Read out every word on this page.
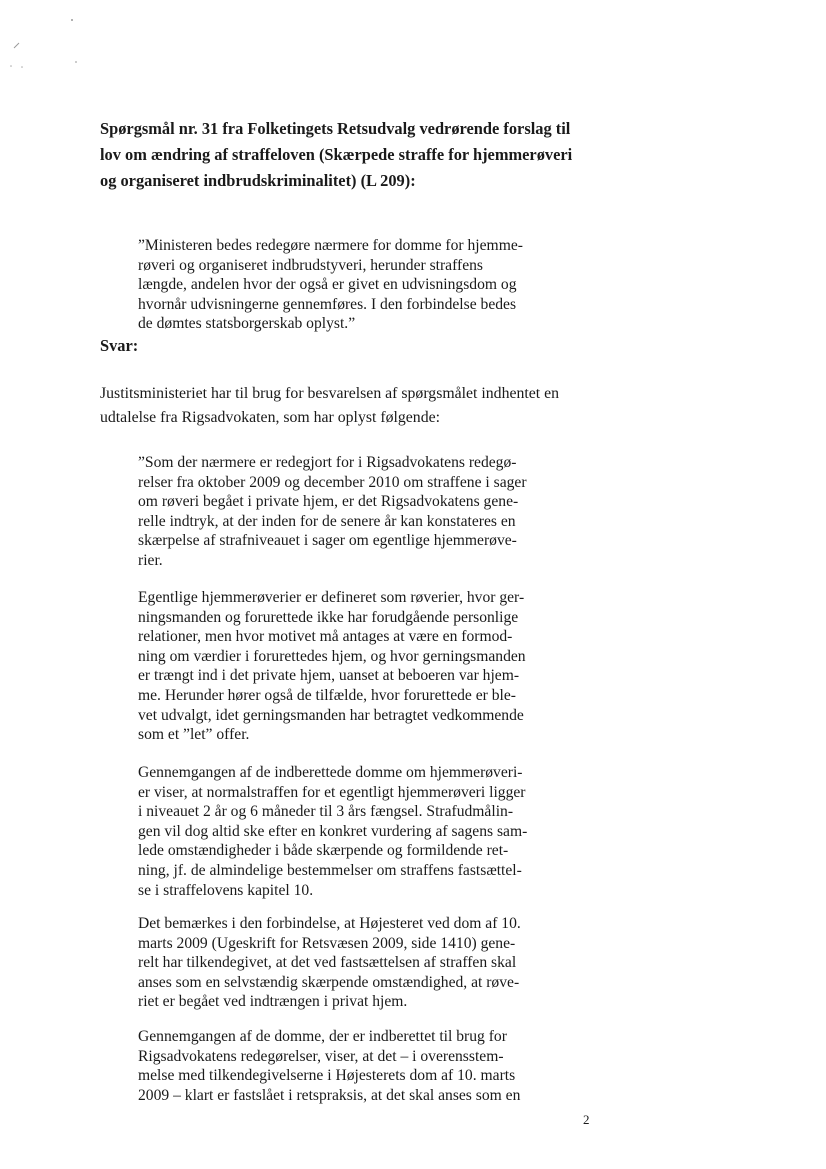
Spørgsmål nr. 31 fra Folketingets Retsudvalg vedrørende forslag til
lov om ændring af straffeloven (Skærpede straffe for hjemmerøveri
og organiseret indbrudskriminalitet) (L 209):
”Ministeren bedes redegøre nærmere for domme for hjemme-
røveri og organiseret indbrudstyveri, herunder straffens
længde, andelen hvor der også er givet en udvisningsdom og
hvornår udvisningerne gennemføres. I den forbindelse bedes
de dømtes statsborgerskab oplyst.”
Svar:
Justitsministeriet har til brug for besvarelsen af spørgsmålet indhentet en
udtalelse fra Rigsadvokaten, som har oplyst følgende:
”Som der nærmere er redegjort for i Rigsadvokatens redegø-
relser fra oktober 2009 og december 2010 om straffene i sager
om røveri begået i private hjem, er det Rigsadvokatens gene-
relle indtryk, at der inden for de senere år kan konstateres en
skærpelse af strafniveauet i sager om egentlige hjemmerøve-
rier.
Egentlige hjemmerøverier er defineret som røverier, hvor ger-
ningsmanden og forurettede ikke har forudgående personlige
relationer, men hvor motivet må antages at være en formod-
ning om værdier i forurettedes hjem, og hvor gerningsmanden
er trængt ind i det private hjem, uanset at beboeren var hjem-
me. Herunder hører også de tilfælde, hvor forurettede er ble-
vet udvalgt, idet gerningsmanden har betragtet vedkommende
som et ”let” offer.
Gennemgangen af de indberettede domme om hjemmerøveri-
er viser, at normalstraffen for et egentligt hjemmerøveri ligger
i niveauet 2 år og 6 måneder til 3 års fængsel. Strafudmålin-
gen vil dog altid ske efter en konkret vurdering af sagens sam-
lede omstændigheder i både skærpende og formildende ret-
ning, jf. de almindelige bestemmelser om straffens fastsættel-
se i straffelovens kapitel 10.
Det bemærkes i den forbindelse, at Højesteret ved dom af 10.
marts 2009 (Ugeskrift for Retsvæsen 2009, side 1410) gene-
relt har tilkendegivet, at det ved fastsættelsen af straffen skal
anses som en selvstændig skærpende omstændighed, at røve-
riet er begået ved indtrængen i privat hjem.
Gennemgangen af de domme, der er indberettet til brug for
Rigsadvokatens redegørelser, viser, at det – i overensstem-
melse med tilkendegivelserne i Højesterets dom af 10. marts
2009 – klart er fastslået i retspraksis, at det skal anses som en
2
